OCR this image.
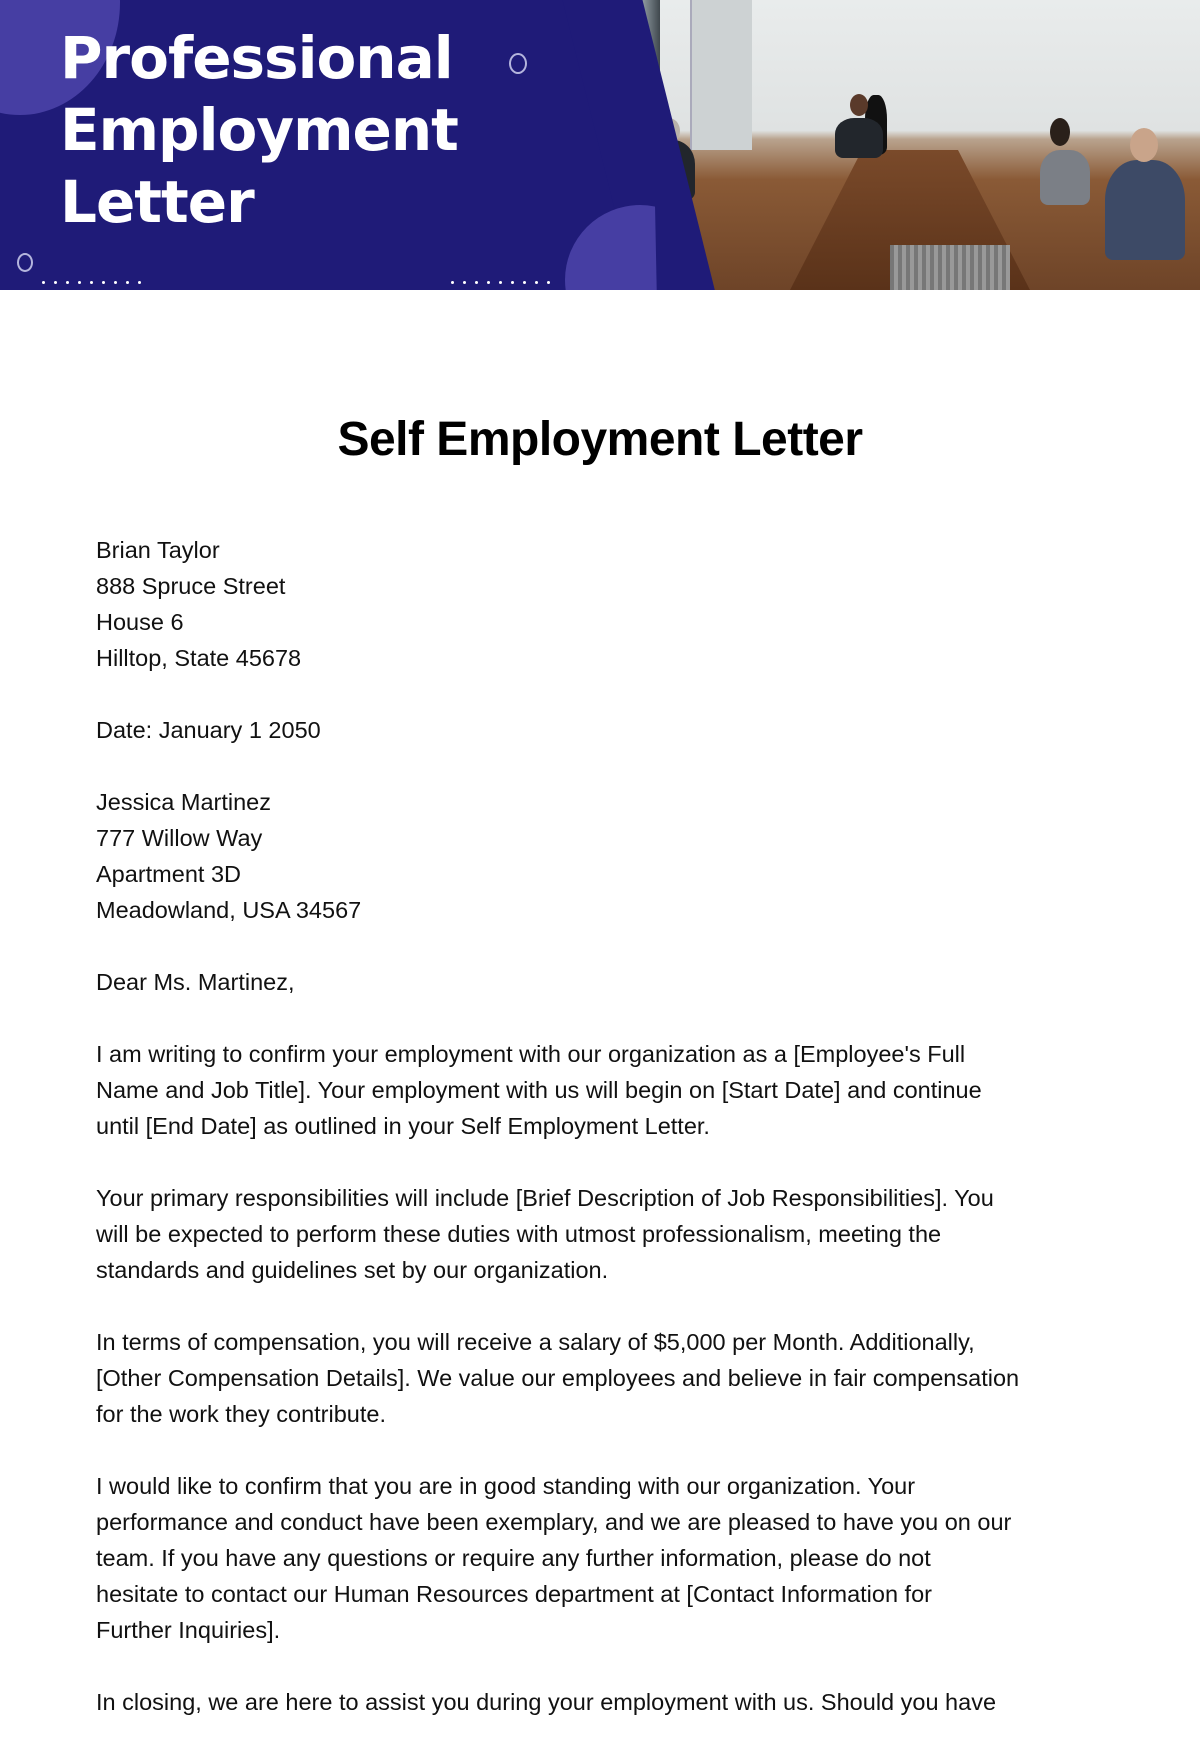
Professional
Employment
Letter
Self Employment Letter
Brian Taylor
888 Spruce Street
House 6
Hilltop, State 45678
Date: January 1 2050
Jessica Martinez
777 Willow Way
Apartment 3D
Meadowland, USA 34567
Dear Ms. Martinez,
I am writing to confirm your employment with our organization as a [Employee's Full
Name and Job Title]. Your employment with us will begin on [Start Date] and continue
until [End Date] as outlined in your Self Employment Letter.
Your primary responsibilities will include [Brief Description of Job Responsibilities]. You
will be expected to perform these duties with utmost professionalism, meeting the
standards and guidelines set by our organization.
In terms of compensation, you will receive a salary of $5,000 per Month. Additionally,
[Other Compensation Details]. We value our employees and believe in fair compensation
for the work they contribute.
I would like to confirm that you are in good standing with our organization. Your
performance and conduct have been exemplary, and we are pleased to have you on our
team. If you have any questions or require any further information, please do not
hesitate to contact our Human Resources department at [Contact Information for
Further Inquiries].
In closing, we are here to assist you during your employment with us. Should you have
